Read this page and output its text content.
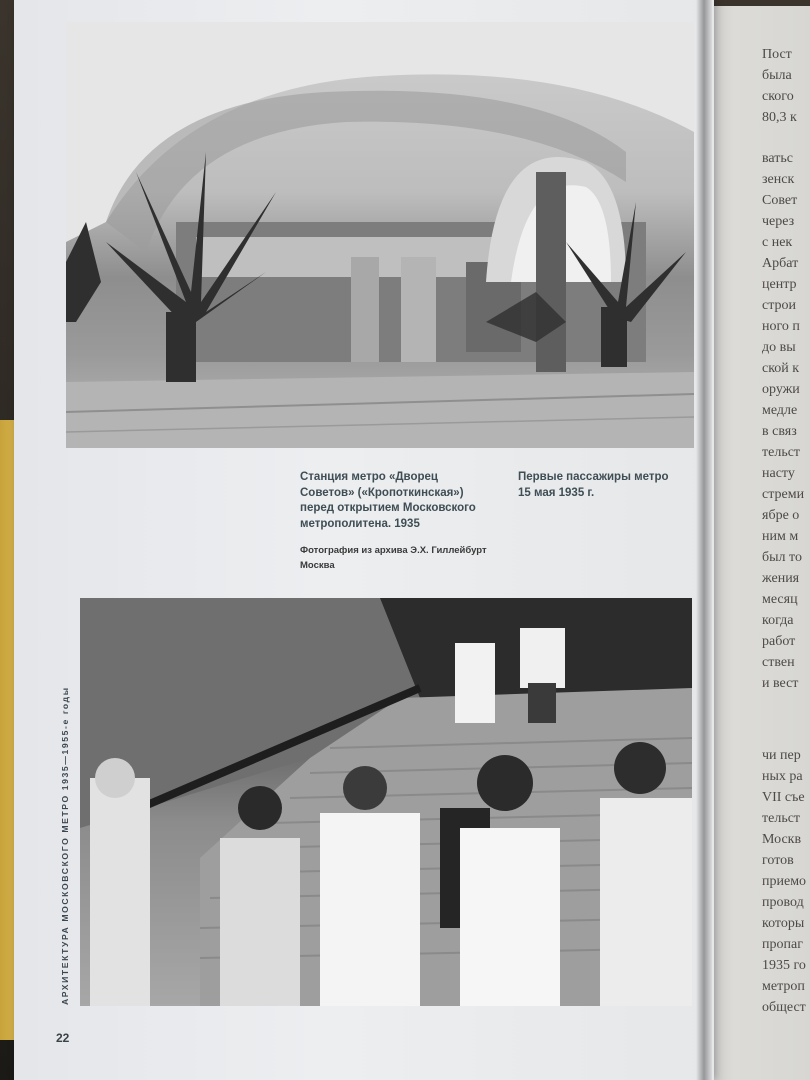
Станция метро «Дворец
Советов» («Кропоткинская»)
перед открытием Московского
метрополитена. 1935
Фотография из архива Э.Х. Гиллейбурт
Москва
Первые пассажиры метро
15 мая 1935 г.
АРХИТЕКТУРА МОСКОВСКОГО МЕТРО 1935—1955-е годы
22
Пост
была
ского
80,3 к
ватьс
зенск
Совет
через
с нек
Арбат
центр
строи
ного п
до вы
ской к
оружи
медле
в связ
тельст
насту
стреми
ябре о
ним м
был то
жения
месяц
когда
работ
ствен
и вест
чи пер
ных ра
VII съе
тельст
Москв
готов
приемо
провод
которы
пропаг
1935 го
метроп
общест
